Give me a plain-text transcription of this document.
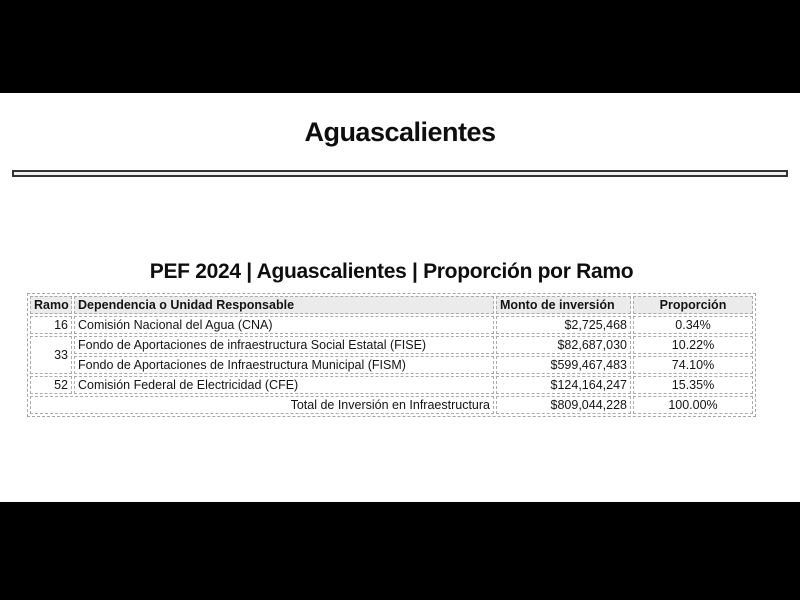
Aguascalientes
PEF 2024 | Aguascalientes | Proporción por Ramo
Ramo	Dependencia o Unidad Responsable	Monto de inversión	Proporción
16	Comisión Nacional del Agua (CNA)	$2,725,468	0.34%
33	Fondo de Aportaciones de infraestructura Social Estatal (FISE)	$82,687,030	10.22%
	Fondo de Aportaciones de Infraestructura Municipal (FISM)	$599,467,483	74.10%
52	Comisión Federal de Electricidad (CFE)	$124,164,247	15.35%
Total de Inversión en Infraestructura		$809,044,228	100.00%
